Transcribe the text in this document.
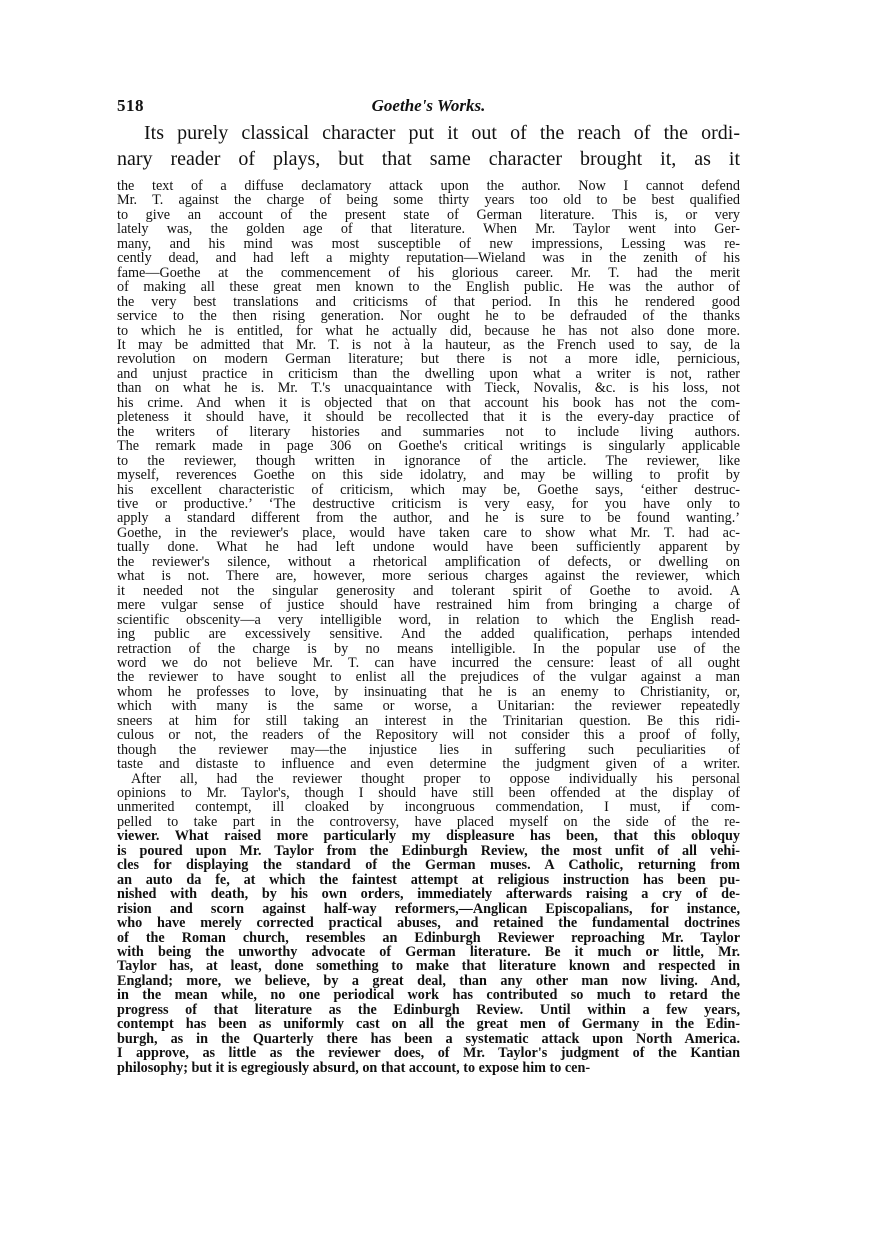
518	Goethe's Works.
Its purely classical character put it out of the reach of the ordi-
nary reader of plays, but that same character brought it, as it
the text of a diffuse declamatory attack upon the author. Now I cannot defend
Mr. T. against the charge of being some thirty years too old to be best qualified
to give an account of the present state of German literature. This is, or very
lately was, the golden age of that literature. When Mr. Taylor went into Ger-
many, and his mind was most susceptible of new impressions, Lessing was re-
cently dead, and had left a mighty reputation—Wieland was in the zenith of his
fame—Goethe at the commencement of his glorious career. Mr. T. had the merit
of making all these great men known to the English public. He was the author of
the very best translations and criticisms of that period. In this he rendered good
service to the then rising generation. Nor ought he to be defrauded of the thanks
to which he is entitled, for what he actually did, because he has not also done more.
It may be admitted that Mr. T. is not à la hauteur, as the French used to say, de la
revolution on modern German literature; but there is not a more idle, pernicious,
and unjust practice in criticism than the dwelling upon what a writer is not, rather
than on what he is. Mr. T.'s unacquaintance with Tieck, Novalis, &c. is his loss, not
his crime. And when it is objected that on that account his book has not the com-
pleteness it should have, it should be recollected that it is the every-day practice of
the writers of literary histories and summaries not to include living authors.
The remark made in page 306 on Goethe's critical writings is singularly applicable
to the reviewer, though written in ignorance of the article. The reviewer, like
myself, reverences Goethe on this side idolatry, and may be willing to profit by
his excellent characteristic of criticism, which may be, Goethe says, ‘either destruc-
tive or productive.’ ‘The destructive criticism is very easy, for you have only to
apply a standard different from the author, and he is sure to be found wanting.’
Goethe, in the reviewer's place, would have taken care to show what Mr. T. had ac-
tually done. What he had left undone would have been sufficiently apparent by
the reviewer's silence, without a rhetorical amplification of defects, or dwelling on
what is not. There are, however, more serious charges against the reviewer, which
it needed not the singular generosity and tolerant spirit of Goethe to avoid. A
mere vulgar sense of justice should have restrained him from bringing a charge of
scientific obscenity—a very intelligible word, in relation to which the English read-
ing public are excessively sensitive. And the added qualification, perhaps intended
retraction of the charge is by no means intelligible. In the popular use of the
word we do not believe Mr. T. can have incurred the censure: least of all ought
the reviewer to have sought to enlist all the prejudices of the vulgar against a man
whom he professes to love, by insinuating that he is an enemy to Christianity, or,
which with many is the same or worse, a Unitarian: the reviewer repeatedly
sneers at him for still taking an interest in the Trinitarian question. Be this ridi-
culous or not, the readers of the Repository will not consider this a proof of folly,
though the reviewer may—the injustice lies in suffering such peculiarities of
taste and distaste to influence and even determine the judgment given of a writer.
After all, had the reviewer thought proper to oppose individually his personal
opinions to Mr. Taylor's, though I should have still been offended at the display of
unmerited contempt, ill cloaked by incongruous commendation, I must, if com-
pelled to take part in the controversy, have placed myself on the side of the re-
viewer. What raised more particularly my displeasure has been, that this obloquy
is poured upon Mr. Taylor from the Edinburgh Review, the most unfit of all vehi-
cles for displaying the standard of the German muses. A Catholic, returning from
an auto da fe, at which the faintest attempt at religious instruction has been pu-
nished with death, by his own orders, immediately afterwards raising a cry of de-
rision and scorn against half-way reformers,—Anglican Episcopalians, for instance,
who have merely corrected practical abuses, and retained the fundamental doctrines
of the Roman church, resembles an Edinburgh Reviewer reproaching Mr. Taylor
with being the unworthy advocate of German literature. Be it much or little, Mr.
Taylor has, at least, done something to make that literature known and respected in
England; more, we believe, by a great deal, than any other man now living. And,
in the mean while, no one periodical work has contributed so much to retard the
progress of that literature as the Edinburgh Review. Until within a few years,
contempt has been as uniformly cast on all the great men of Germany in the Edin-
burgh, as in the Quarterly there has been a systematic attack upon North America.
I approve, as little as the reviewer does, of Mr. Taylor's judgment of the Kantian
philosophy; but it is egregiously absurd, on that account, to expose him to cen-
